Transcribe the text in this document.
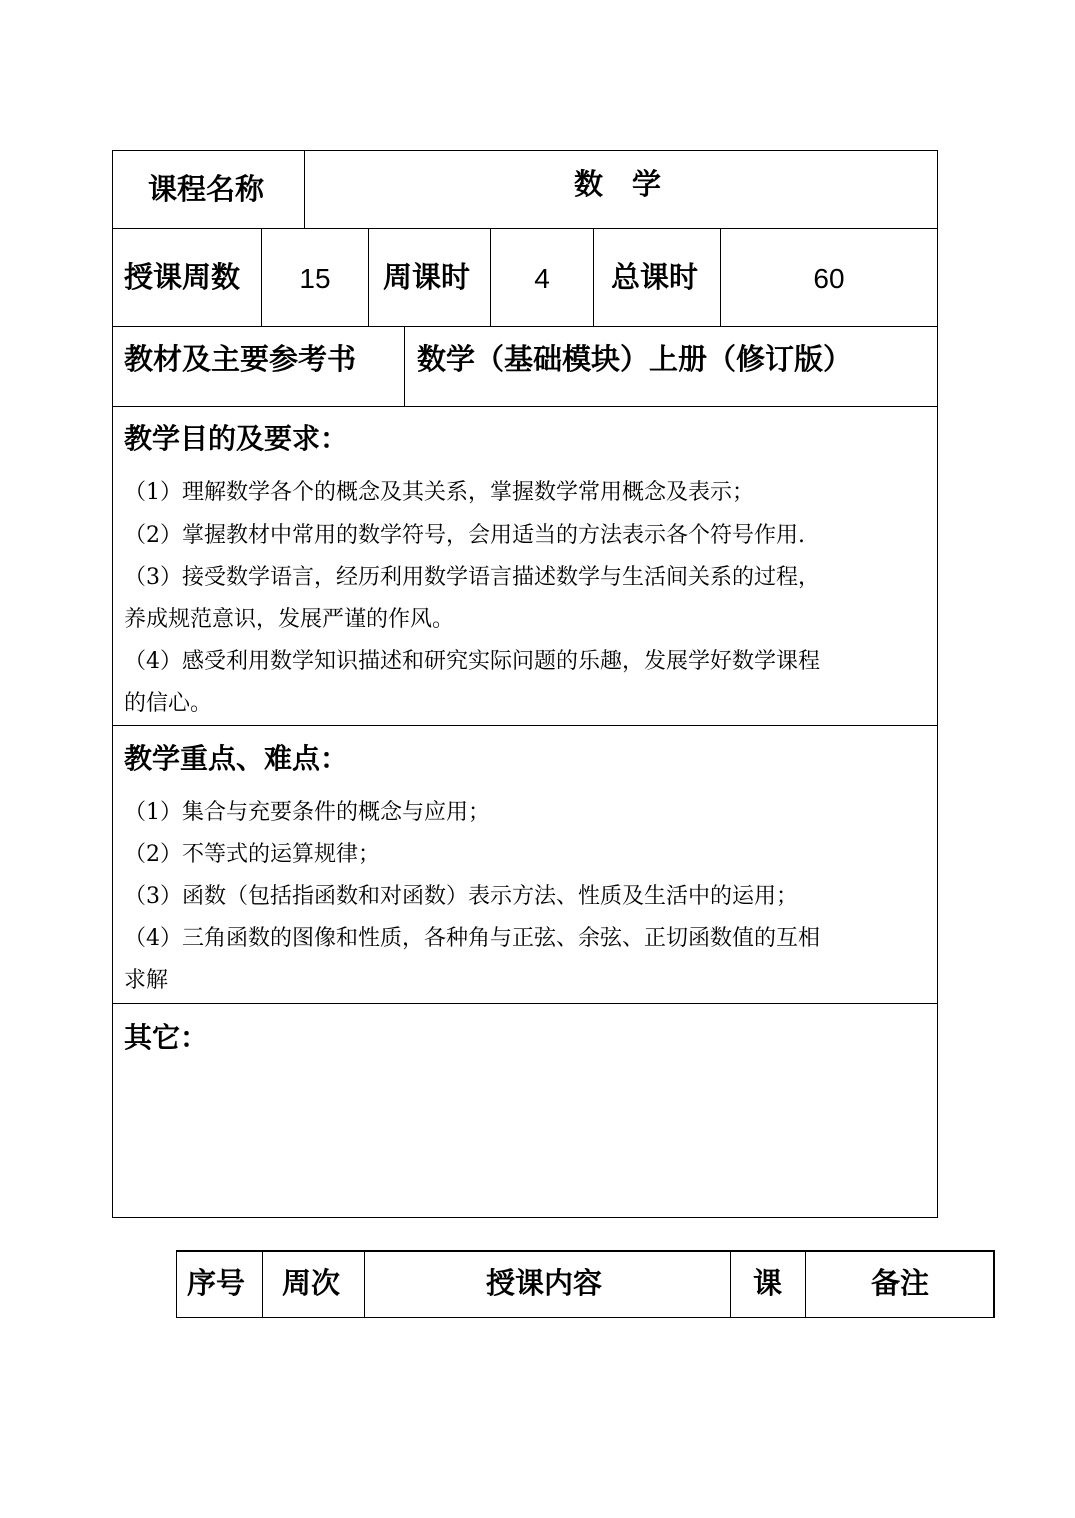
课程名称	数　学
授课周数	15	周课时	4	总课时	60
教材及主要参考书 数学（基础模块）上册（修订版）
教学目的及要求：
（1）理解数学各个的概念及其关系，掌握数学常用概念及表示；
（2）掌握教材中常用的数学符号，会用适当的方法表示各个符号作用.
（3）接受数学语言，经历利用数学语言描述数学与生活间关系的过程，
养成规范意识，发展严谨的作风。
（4）感受利用数学知识描述和研究实际问题的乐趣，发展学好数学课程
的信心。
教学重点、难点：
（1）集合与充要条件的概念与应用；
（2）不等式的运算规律；
（3）函数（包括指函数和对函数）表示方法、性质及生活中的运用；
（4）三角函数的图像和性质，各种角与正弦、余弦、正切函数值的互相
求解
其它：
序号 周次	授课内容	课	备注
